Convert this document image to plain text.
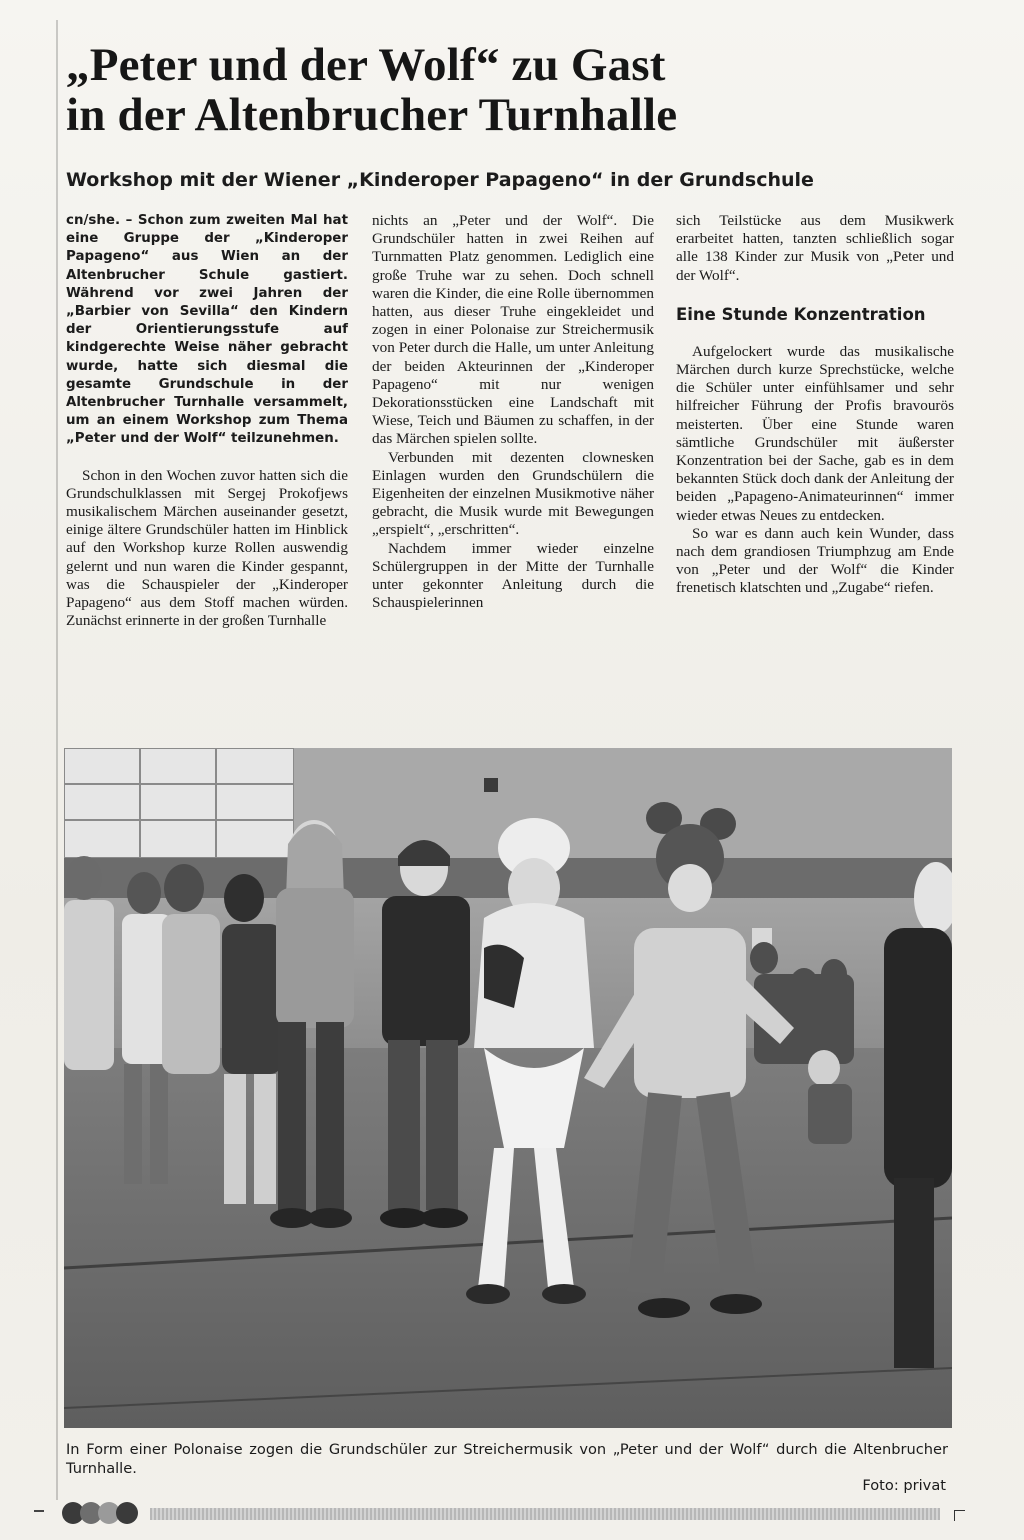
„Peter und der Wolf“ zu Gast
in der Altenbrucher Turnhalle
Workshop mit der Wiener „Kinderoper Papageno“ in der Grundschule

cn/she. – Schon zum zweiten Mal hat eine Gruppe der „Kinderoper Papageno“ aus Wien an der Altenbrucher Schule gastiert. Während vor zwei Jahren der „Barbier von Sevilla“ den Kindern der Orientierungsstufe auf kindgerechte Weise näher gebracht wurde, hatte sich diesmal die gesamte Grundschule in der Altenbrucher Turnhalle versammelt, um an einem Workshop zum Thema „Peter und der Wolf“ teilzunehmen.

Schon in den Wochen zuvor hatten sich die Grundschulklassen mit Sergej Prokofjews musikalischem Märchen auseinander gesetzt, einige ältere Grundschüler hatten im Hinblick auf den Workshop kurze Rollen auswendig gelernt und nun waren die Kinder gespannt, was die Schauspieler der „Kinderoper Papageno“ aus dem Stoff machen würden. Zunächst erinnerte in der großen Turnhalle

nichts an „Peter und der Wolf“. Die Grundschüler hatten in zwei Reihen auf Turnmatten Platz genommen. Lediglich eine große Truhe war zu sehen. Doch schnell waren die Kinder, die eine Rolle übernommen hatten, aus dieser Truhe eingekleidet und zogen in einer Polonaise zur Streichermusik von Peter durch die Halle, um unter Anleitung der beiden Akteurinnen der „Kinderoper Papageno“ mit nur wenigen Dekorationsstücken eine Landschaft mit Wiese, Teich und Bäumen zu schaffen, in der das Märchen spielen sollte.

Verbunden mit dezenten clownesken Einlagen wurden den Grundschülern die Eigenheiten der einzelnen Musikmotive näher gebracht, die Musik wurde mit Bewegungen „erspielt“, „erschritten“.

Nachdem immer wieder einzelne Schülergruppen in der Mitte der Turnhalle unter gekonnter Anleitung durch die Schauspielerinnen

sich Teilstücke aus dem Musikwerk erarbeitet hatten, tanzten schließlich sogar alle 138 Kinder zur Musik von „Peter und der Wolf“.

Eine Stunde Konzentration

Aufgelockert wurde das musikalische Märchen durch kurze Sprechstücke, welche die Schüler unter einfühlsamer und sehr hilfreicher Führung der Profis bravourös meisterten. Über eine Stunde waren sämtliche Grundschüler mit äußerster Konzentration bei der Sache, gab es in dem bekannten Stück doch dank der Anleitung der beiden „Papageno-Animateurinnen“ immer wieder etwas Neues zu entdecken.

So war es dann auch kein Wunder, dass nach dem grandiosen Triumphzug am Ende von „Peter und der Wolf“ die Kinder frenetisch klatschten und „Zugabe“ riefen.

In Form einer Polonaise zogen die Grundschüler zur Streichermusik von „Peter und der Wolf“ durch die Altenbrucher Turnhalle.
Foto: privat
